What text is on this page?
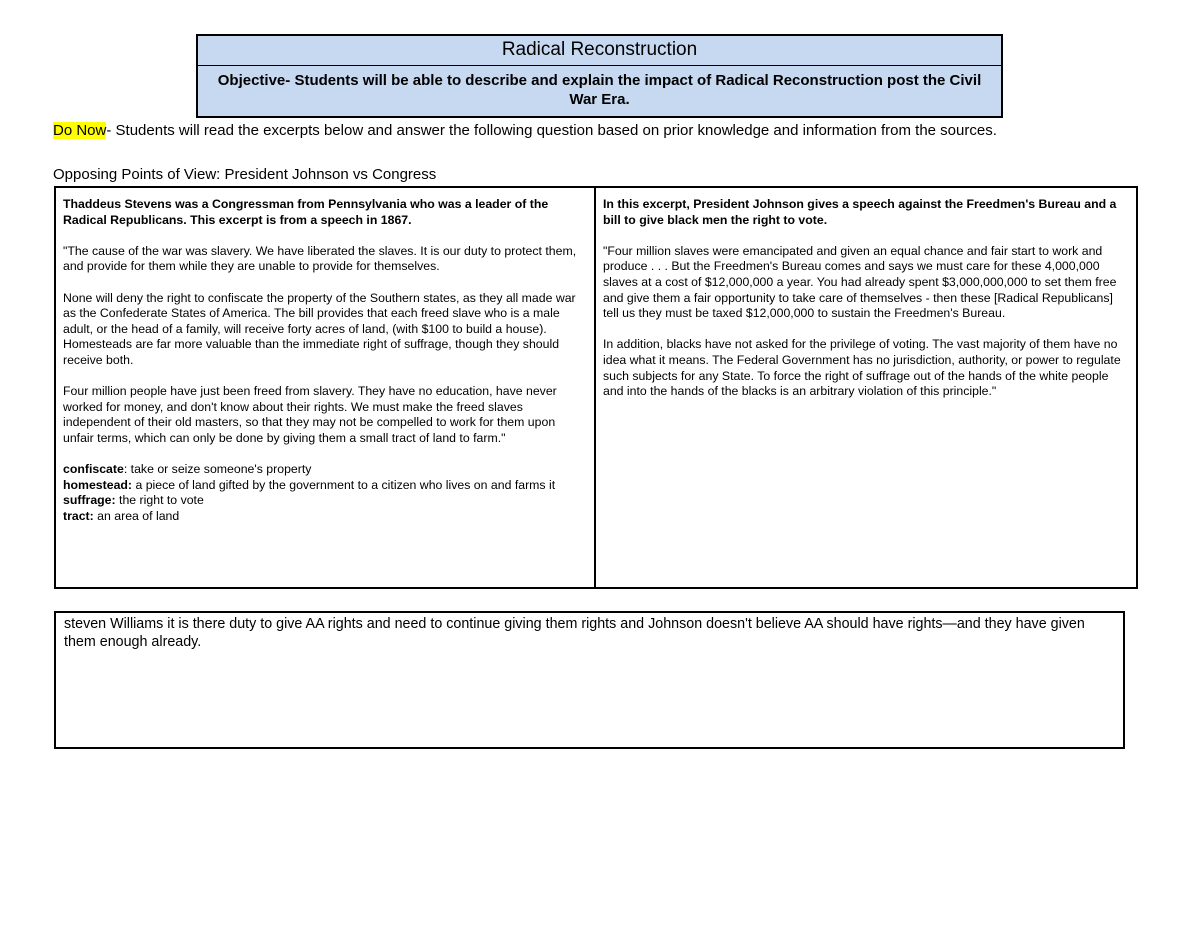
Radical Reconstruction
Objective- Students will be able to describe and explain the impact of Radical Reconstruction post the Civil War Era.
Do Now- Students will read the excerpts below and answer the following question based on prior knowledge and information from the sources.
Opposing Points of View: President Johnson vs Congress

Thaddeus Stevens was a Congressman from Pennsylvania who was a leader of the Radical Republicans. This excerpt is from a speech in 1867.

"The cause of the war was slavery. We have liberated the slaves. It is our duty to protect them, and provide for them while they are unable to provide for themselves.

None will deny the right to confiscate the property of the Southern states, as they all made war as the Confederate States of America. The bill provides that each freed slave who is a male adult, or the head of a family, will receive forty acres of land, (with $100 to build a house). Homesteads are far more valuable than the immediate right of suffrage, though they should receive both.

Four million people have just been freed from slavery. They have no education, have never worked for money, and don't know about their rights. We must make the freed slaves independent of their old masters, so that they may not be compelled to work for them upon unfair terms, which can only be done by giving them a small tract of land to farm."

confiscate: take or seize someone's property
homestead: a piece of land gifted by the government to a citizen who lives on and farms it
suffrage: the right to vote
tract: an area of land

In this excerpt, President Johnson gives a speech against the Freedmen's Bureau and a bill to give black men the right to vote.

"Four million slaves were emancipated and given an equal chance and fair start to work and produce . . . But the Freedmen's Bureau comes and says we must care for these 4,000,000 slaves at a cost of $12,000,000 a year. You had already spent $3,000,000,000 to set them free and give them a fair opportunity to take care of themselves - then these [Radical Republicans] tell us they must be taxed $12,000,000 to sustain the Freedmen's Bureau.

In addition, blacks have not asked for the privilege of voting. The vast majority of them have no idea what it means. The Federal Government has no jurisdiction, authority, or power to regulate such subjects for any State. To force the right of suffrage out of the hands of the white people and into the hands of the blacks is an arbitrary violation of this principle."

steven Williams it is there duty to give AA rights and need to continue giving them rights and Johnson doesn't believe AA should have rights—and they have given them enough already.
